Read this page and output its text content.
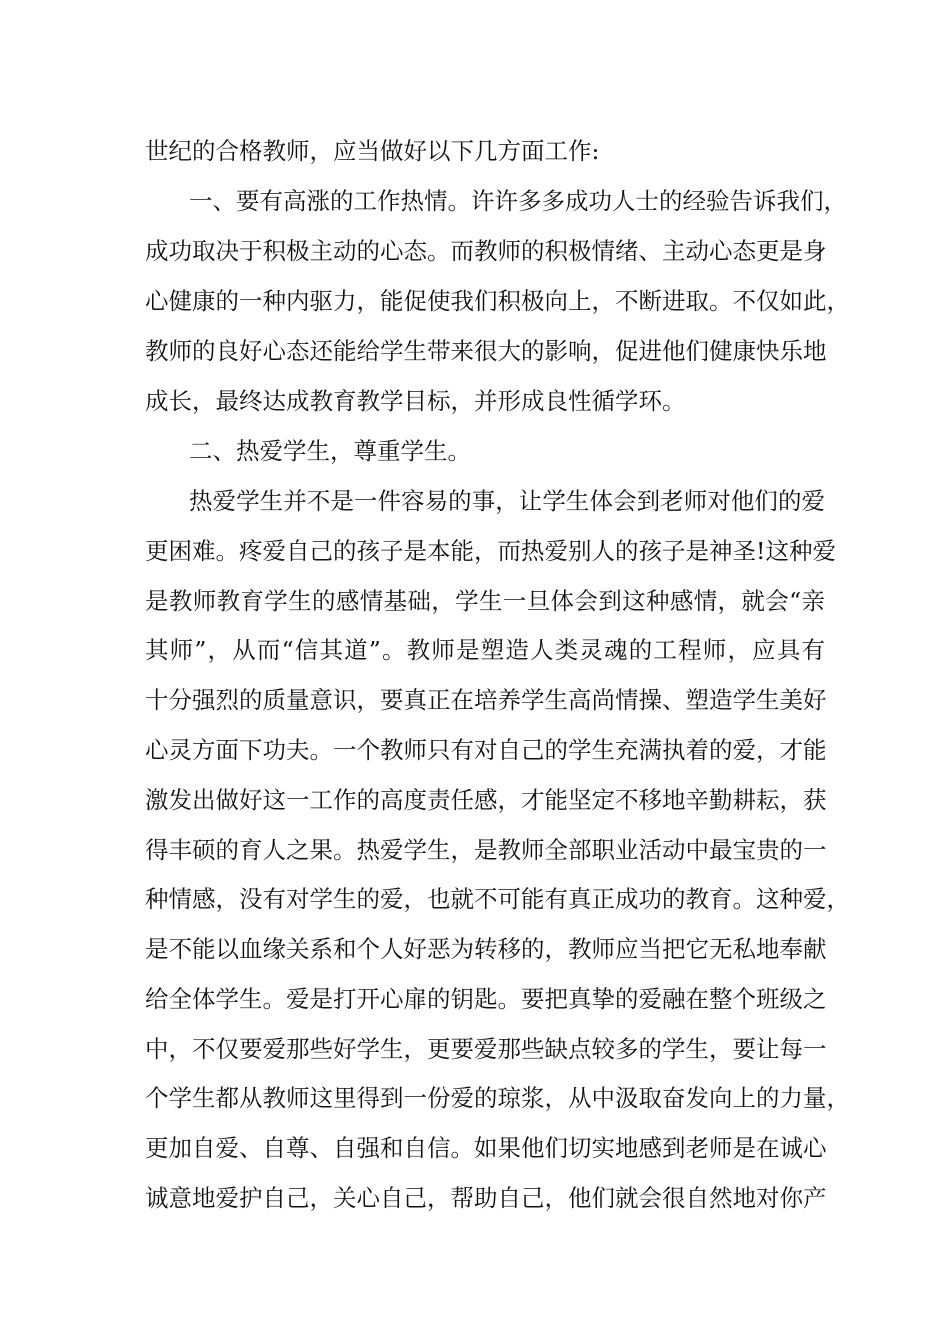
世纪的合格教师，应当做好以下几方面工作:
一、要有高涨的工作热情。许许多多成功人士的经验告诉我们，
成功取决于积极主动的心态。而教师的积极情绪、主动心态更是身
心健康的一种内驱力，能促使我们积极向上，不断进取。不仅如此，
教师的良好心态还能给学生带来很大的影响，促进他们健康快乐地
成长，最终达成教育教学目标，并形成良性循学环。
二、热爱学生，尊重学生。
热爱学生并不是一件容易的事，让学生体会到老师对他们的爱
更困难。疼爱自己的孩子是本能，而热爱别人的孩子是神圣!这种爱
是教师教育学生的感情基础，学生一旦体会到这种感情，就会“亲
其师”，从而“信其道”。教师是塑造人类灵魂的工程师，应具有
十分强烈的质量意识，要真正在培养学生高尚情操、塑造学生美好
心灵方面下功夫。一个教师只有对自己的学生充满执着的爱，才能
激发出做好这一工作的高度责任感，才能坚定不移地辛勤耕耘，获
得丰硕的育人之果。热爱学生，是教师全部职业活动中最宝贵的一
种情感，没有对学生的爱，也就不可能有真正成功的教育。这种爱，
是不能以血缘关系和个人好恶为转移的，教师应当把它无私地奉献
给全体学生。爱是打开心扉的钥匙。要把真挚的爱融在整个班级之
中，不仅要爱那些好学生，更要爱那些缺点较多的学生，要让每一
个学生都从教师这里得到一份爱的琼浆，从中汲取奋发向上的力量，
更加自爱、自尊、自强和自信。如果他们切实地感到老师是在诚心
诚意地爱护自己，关心自己，帮助自己，他们就会很自然地对你产
